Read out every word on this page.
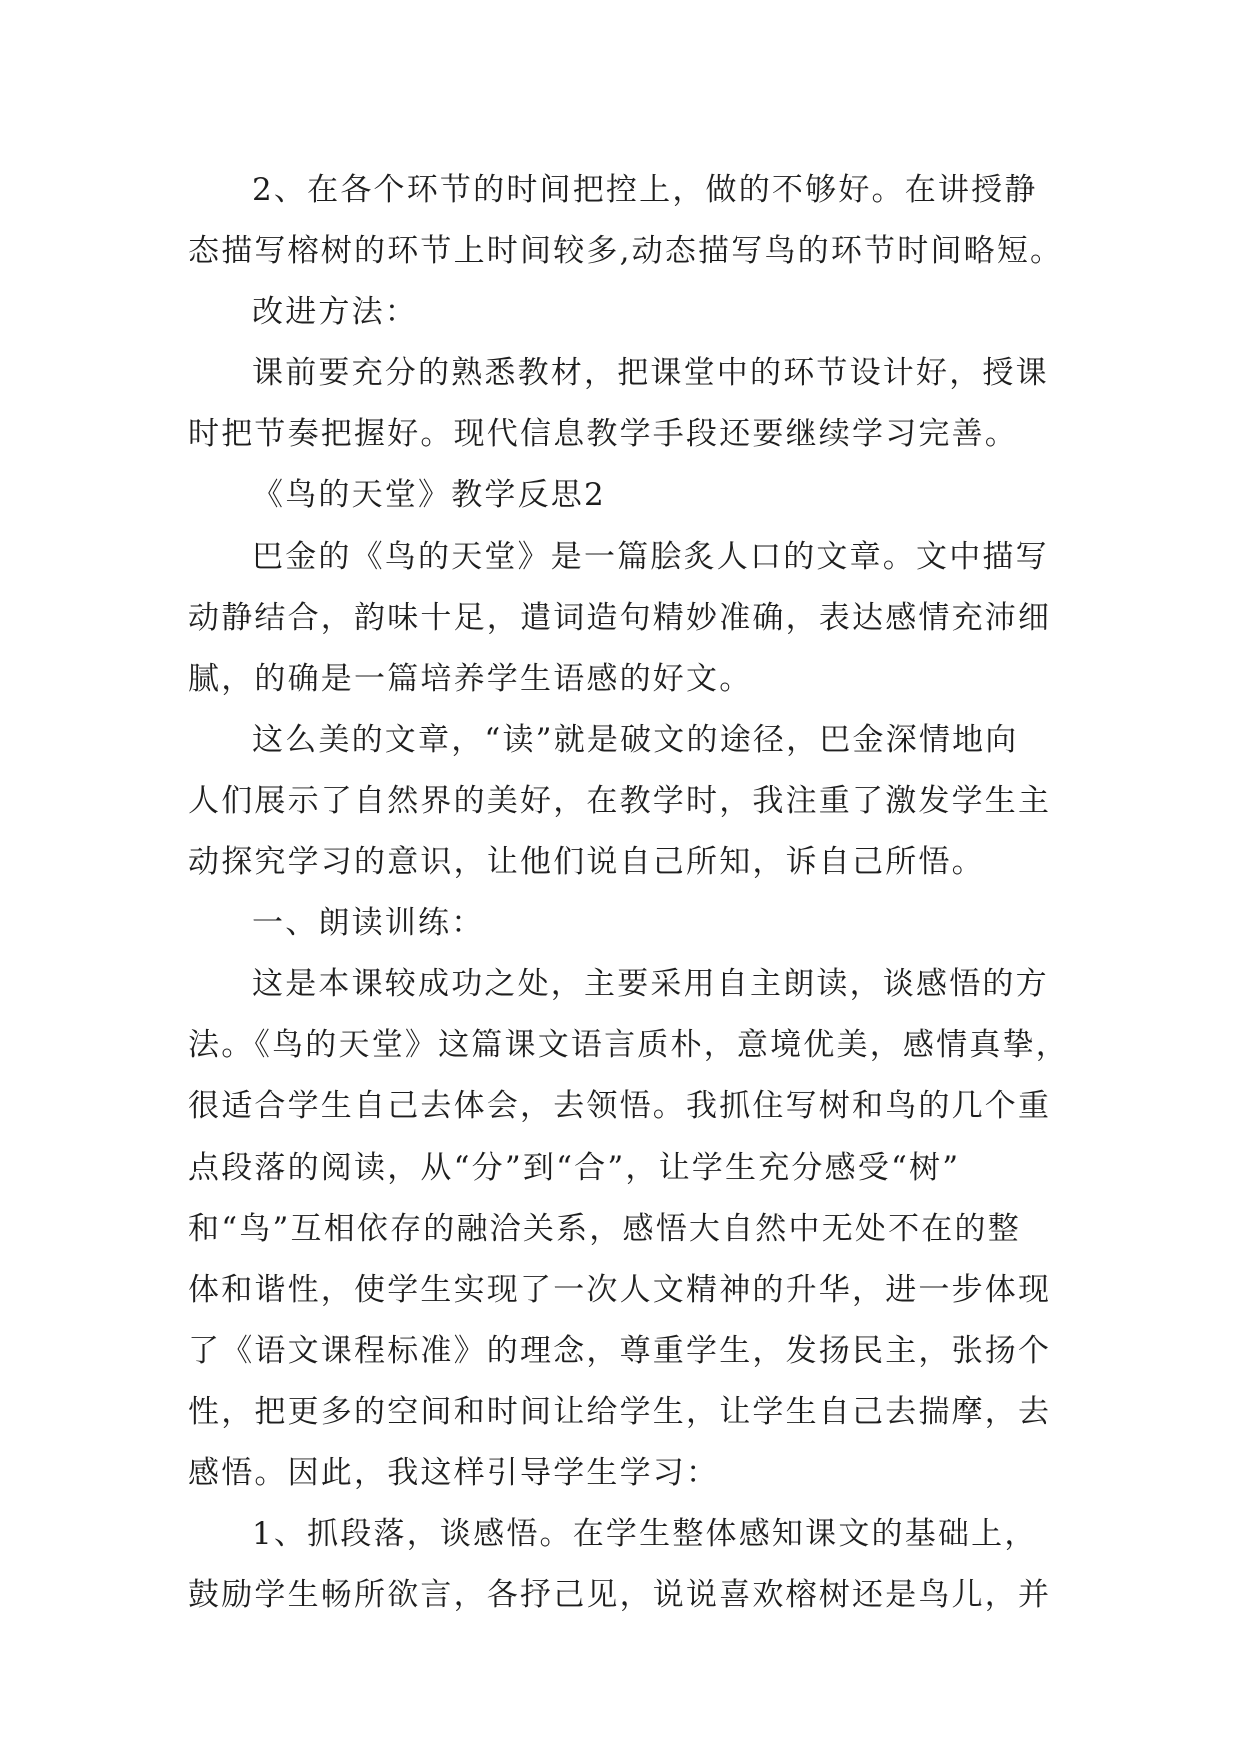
2、在各个环节的时间把控上，做的不够好。在讲授静
态描写榕树的环节上时间较多,动态描写鸟的环节时间略短。
改进方法：
课前要充分的熟悉教材，把课堂中的环节设计好，授课
时把节奏把握好。现代信息教学手段还要继续学习完善。
《鸟的天堂》教学反思2
巴金的《鸟的天堂》是一篇脍炙人口的文章。文中描写
动静结合，韵味十足，遣词造句精妙准确，表达感情充沛细
腻，的确是一篇培养学生语感的好文。
这么美的文章，“读”就是破文的途径，巴金深情地向
人们展示了自然界的美好，在教学时，我注重了激发学生主
动探究学习的意识，让他们说自己所知，诉自己所悟。
一、朗读训练：
这是本课较成功之处，主要采用自主朗读，谈感悟的方
法。《鸟的天堂》这篇课文语言质朴，意境优美，感情真挚，
很适合学生自己去体会，去领悟。我抓住写树和鸟的几个重
点段落的阅读，从“分”到“合”，让学生充分感受“树”
和“鸟”互相依存的融洽关系，感悟大自然中无处不在的整
体和谐性，使学生实现了一次人文精神的升华，进一步体现
了《语文课程标准》的理念，尊重学生，发扬民主，张扬个
性，把更多的空间和时间让给学生，让学生自己去揣摩，去
感悟。因此，我这样引导学生学习：
1、抓段落，谈感悟。在学生整体感知课文的基础上，
鼓励学生畅所欲言，各抒己见，说说喜欢榕树还是鸟儿，并
